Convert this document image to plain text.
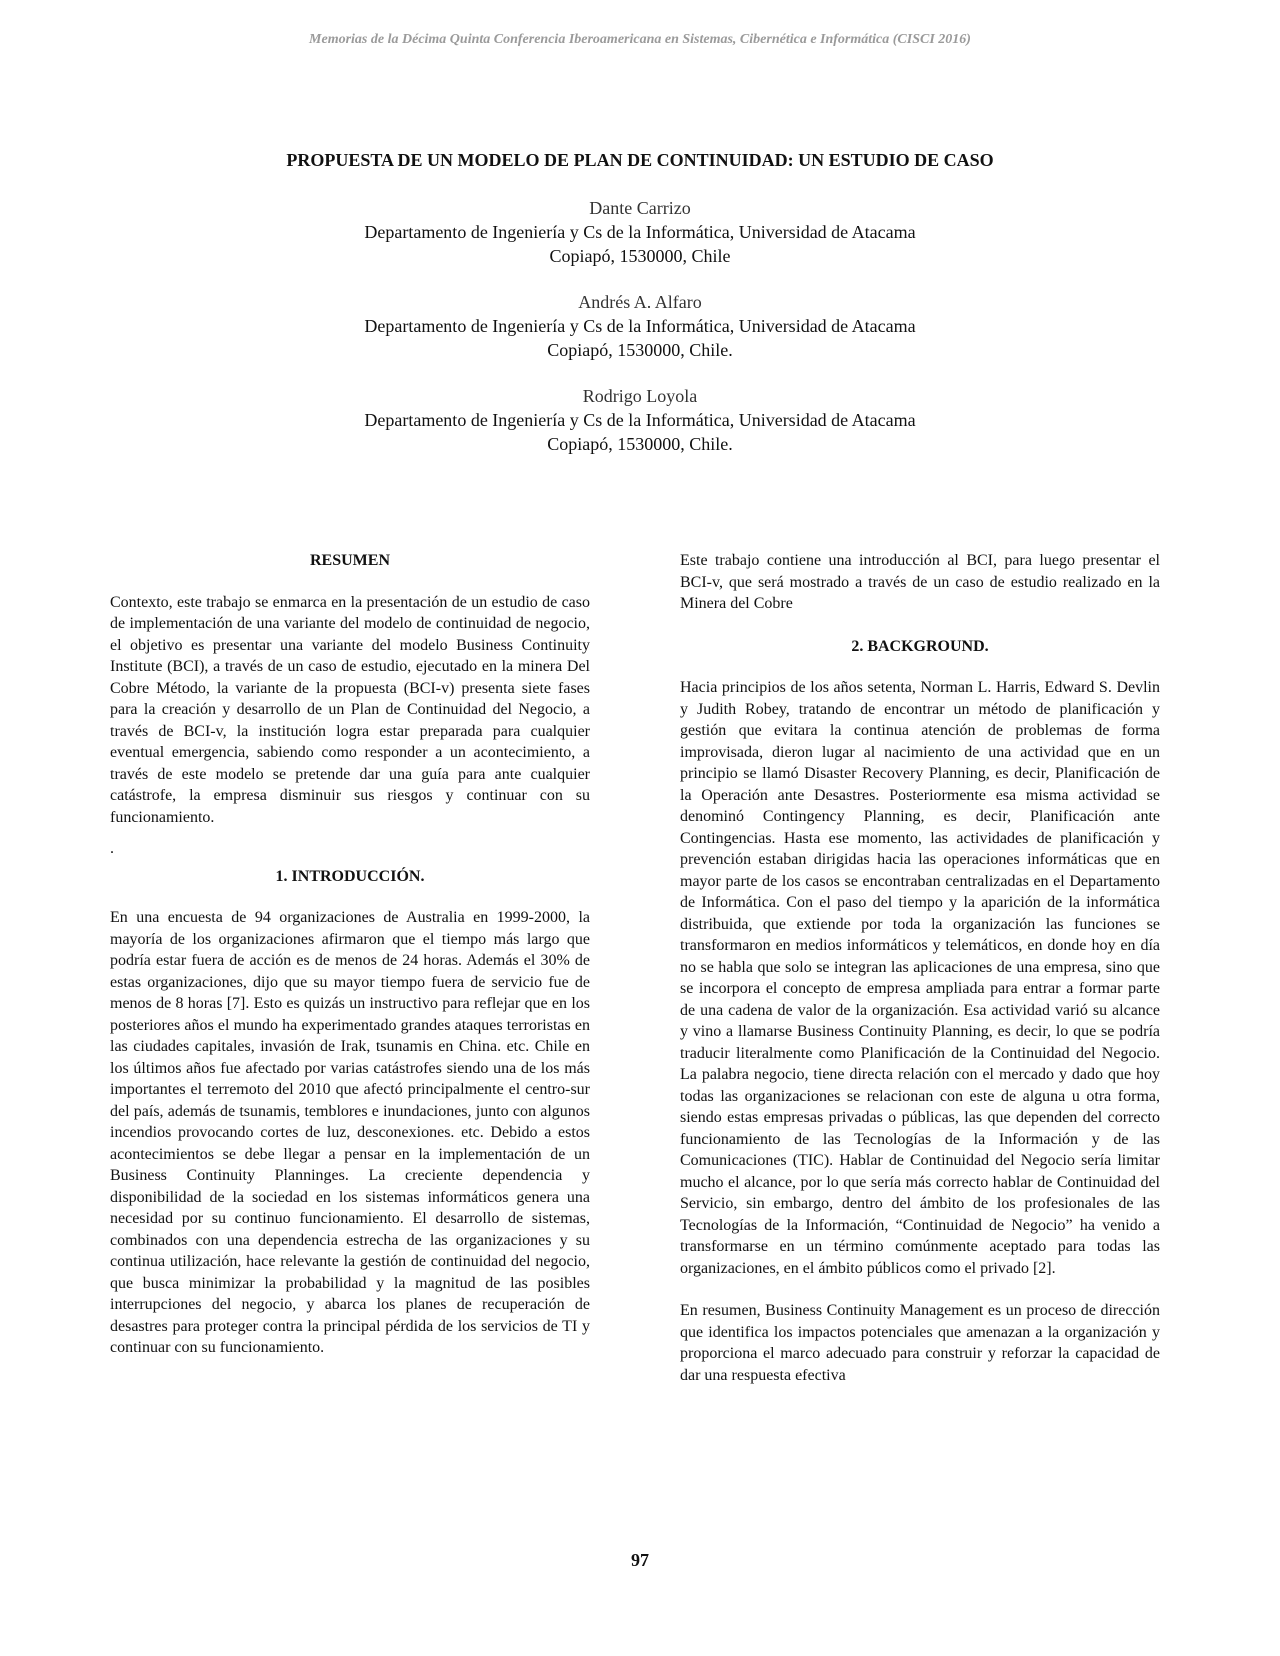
Memorias de la Décima Quinta Conferencia Iberoamericana en Sistemas, Cibernética e Informática (CISCI 2016)
PROPUESTA DE UN MODELO DE PLAN DE CONTINUIDAD: UN ESTUDIO DE CASO
Dante Carrizo
Departamento de Ingeniería y Cs de la Informática, Universidad de Atacama
Copiapó, 1530000, Chile
Andrés A. Alfaro
Departamento de Ingeniería y Cs de la Informática, Universidad de Atacama
Copiapó, 1530000, Chile.
Rodrigo Loyola
Departamento de Ingeniería y Cs de la Informática, Universidad de Atacama
Copiapó, 1530000, Chile.
RESUMEN

Contexto, este trabajo se enmarca en la presentación de un estudio de caso de implementación de una variante del modelo de continuidad de negocio, el objetivo es presentar una variante del modelo Business Continuity Institute (BCI), a través de un caso de estudio, ejecutado en la minera Del Cobre Método, la variante de la propuesta (BCI-v) presenta siete fases para la creación y desarrollo de un Plan de Continuidad del Negocio, a través de BCI-v, la institución logra estar preparada para cualquier eventual emergencia, sabiendo como responder a un acontecimiento, a través de este modelo se pretende dar una guía para ante cualquier catástrofe, la empresa disminuir sus riesgos y continuar con su funcionamiento.

.
1. INTRODUCCIÓN.

En una encuesta de 94 organizaciones de Australia en 1999-2000, la mayoría de los organizaciones afirmaron que el tiempo más largo que podría estar fuera de acción es de menos de 24 horas. Además el 30% de estas organizaciones, dijo que su mayor tiempo fuera de servicio fue de menos de 8 horas [7]. Esto es quizás un instructivo para reflejar que en los posteriores años el mundo ha experimentado grandes ataques terroristas en las ciudades capitales, invasión de Irak, tsunamis en China. etc. Chile en los últimos años fue afectado por varias catástrofes siendo una de los más importantes el terremoto del 2010 que afectó principalmente el centro-sur del país, además de tsunamis, temblores e inundaciones, junto con algunos incendios provocando cortes de luz, desconexiones. etc. Debido a estos acontecimientos se debe llegar a pensar en la implementación de un Business Continuity Planninges. La creciente dependencia y disponibilidad de la sociedad en los sistemas informáticos genera una necesidad por su continuo funcionamiento. El desarrollo de sistemas, combinados con una dependencia estrecha de las organizaciones y su continua utilización, hace relevante la gestión de continuidad del negocio, que busca minimizar la probabilidad y la magnitud de las posibles interrupciones del negocio, y abarca los planes de recuperación de desastres para proteger contra la principal pérdida de los servicios de TI y continuar con su funcionamiento.

Este trabajo contiene una introducción al BCI, para luego presentar el BCI-v, que será mostrado a través de un caso de estudio realizado en la Minera del Cobre

2. BACKGROUND.

Hacia principios de los años setenta, Norman L. Harris, Edward S. Devlin y Judith Robey, tratando de encontrar un método de planificación y gestión que evitara la continua atención de problemas de forma improvisada, dieron lugar al nacimiento de una actividad que en un principio se llamó Disaster Recovery Planning, es decir, Planificación de la Operación ante Desastres. Posteriormente esa misma actividad se denominó Contingency Planning, es decir, Planificación ante Contingencias. Hasta ese momento, las actividades de planificación y prevención estaban dirigidas hacia las operaciones informáticas que en mayor parte de los casos se encontraban centralizadas en el Departamento de Informática. Con el paso del tiempo y la aparición de la informática distribuida, que extiende por toda la organización las funciones se transformaron en medios informáticos y telemáticos, en donde hoy en día no se habla que solo se integran las aplicaciones de una empresa, sino que se incorpora el concepto de empresa ampliada para entrar a formar parte de una cadena de valor de la organización. Esa actividad varió su alcance y vino a llamarse Business Continuity Planning, es decir, lo que se podría traducir literalmente como Planificación de la Continuidad del Negocio. La palabra negocio, tiene directa relación con el mercado y dado que hoy todas las organizaciones se relacionan con este de alguna u otra forma, siendo estas empresas privadas o públicas, las que dependen del correcto funcionamiento de las Tecnologías de la Información y de las Comunicaciones (TIC). Hablar de Continuidad del Negocio sería limitar mucho el alcance, por lo que sería más correcto hablar de Continuidad del Servicio, sin embargo, dentro del ámbito de los profesionales de las Tecnologías de la Información, “Continuidad de Negocio” ha venido a transformarse en un término comúnmente aceptado para todas las organizaciones, en el ámbito públicos como el privado [2].

En resumen, Business Continuity Management es un proceso de dirección que identifica los impactos potenciales que amenazan a la organización y proporciona el marco adecuado para construir y reforzar la capacidad de dar una respuesta efectiva

97
